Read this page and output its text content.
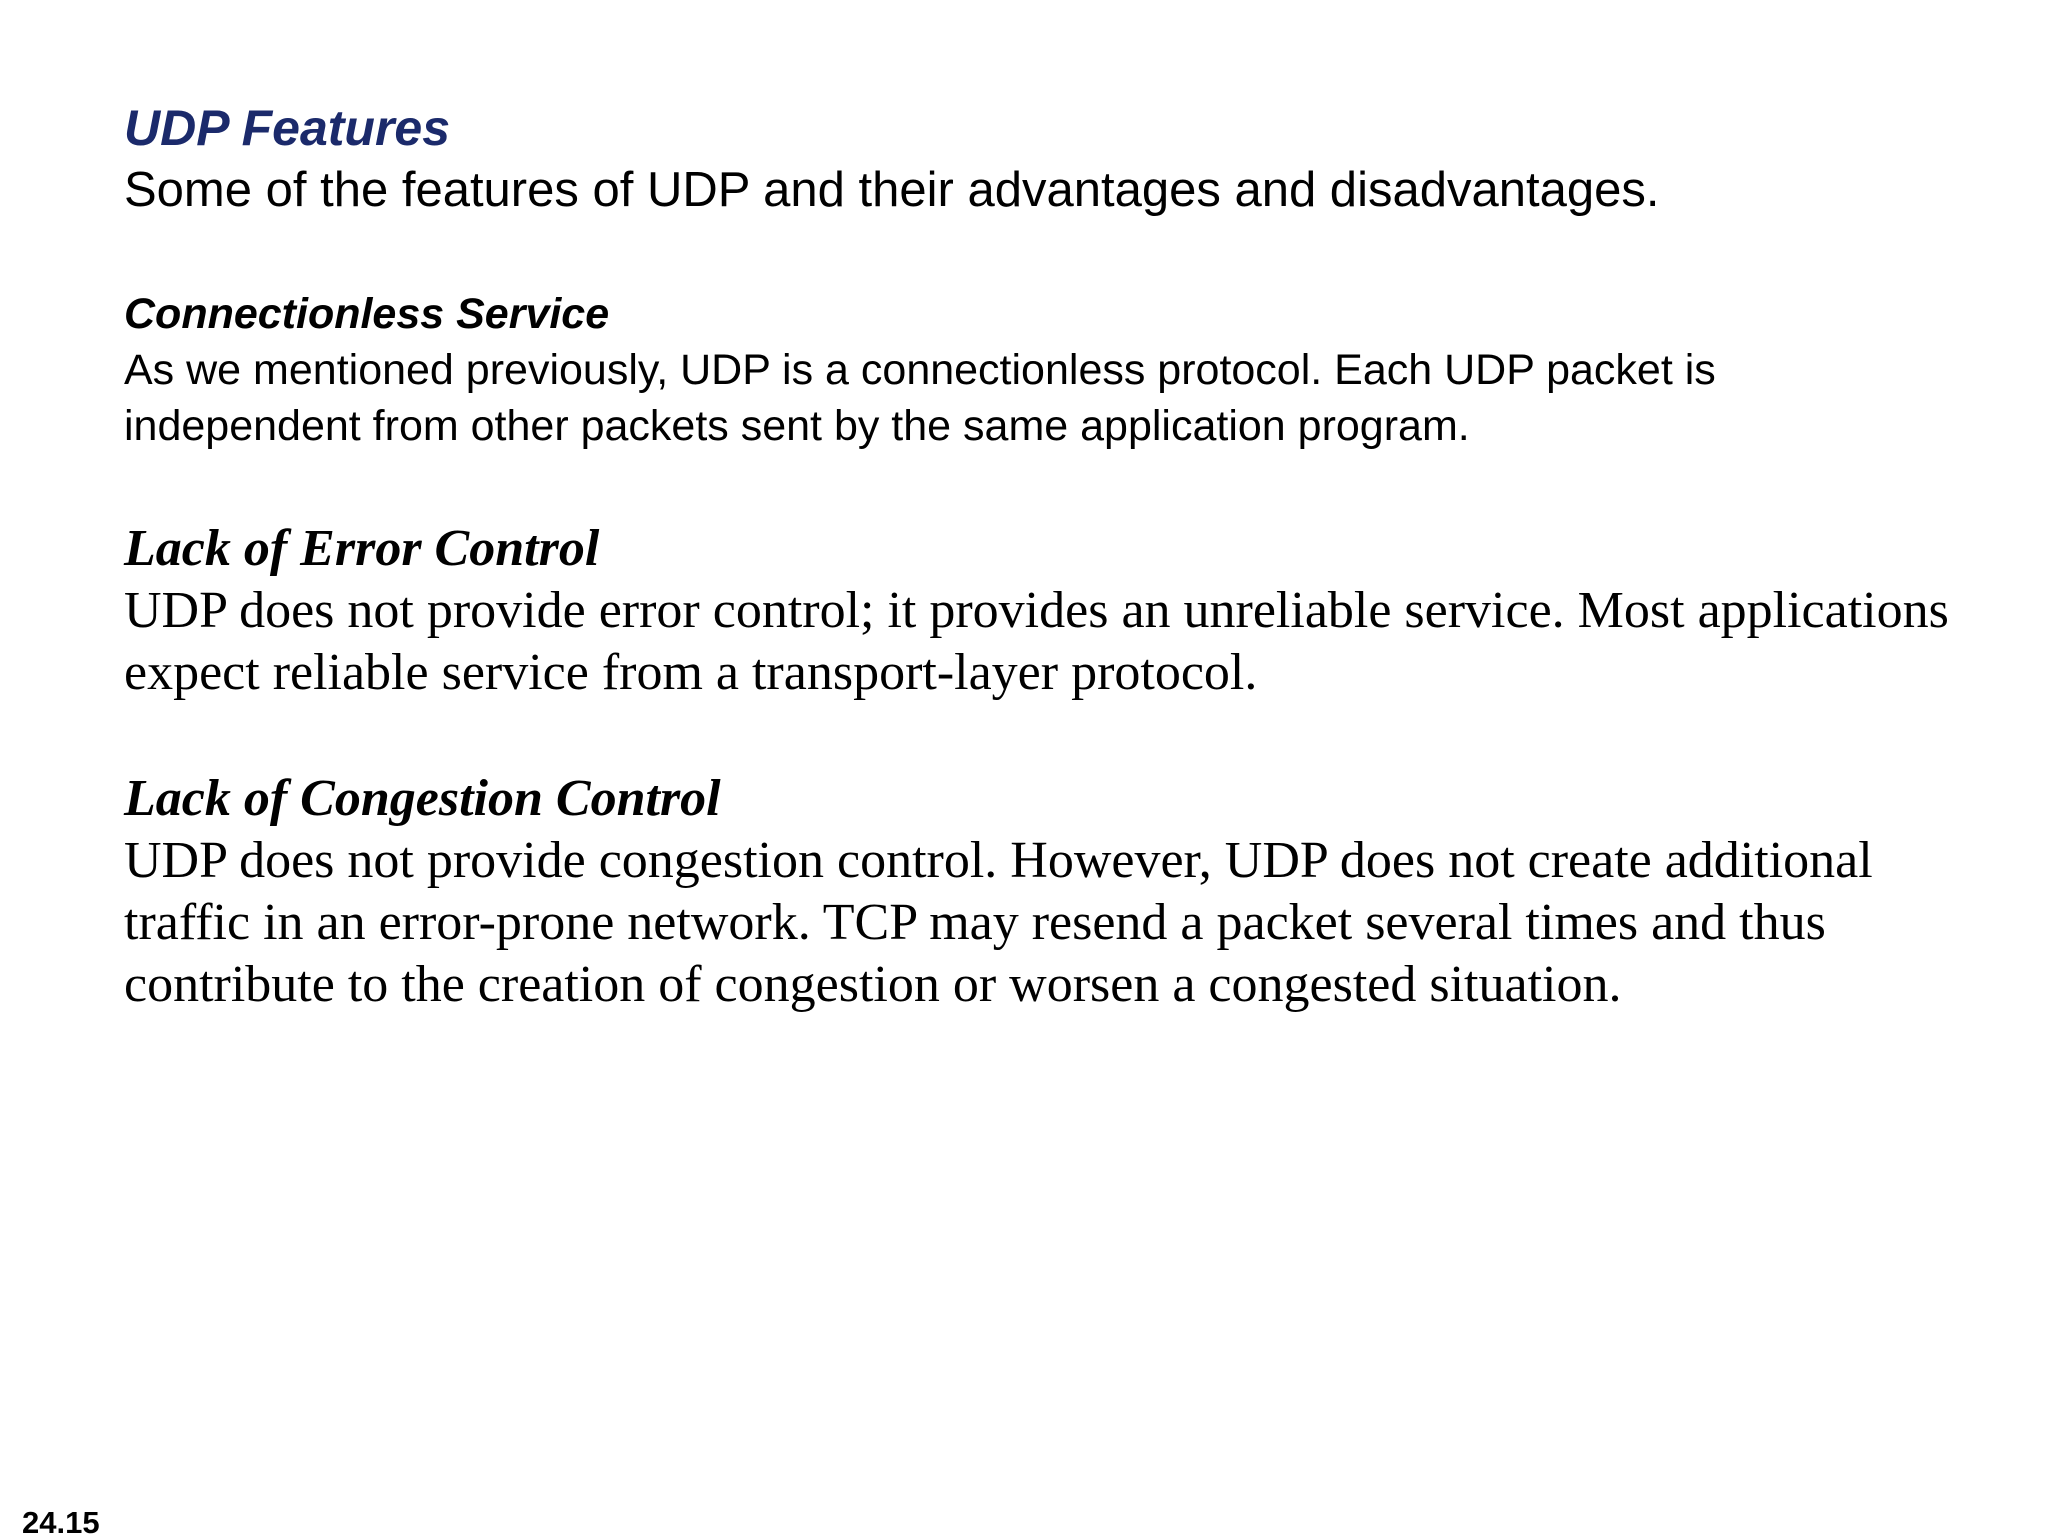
UDP Features

Some of the features of UDP and their advantages and disadvantages.

Connectionless Service

As we mentioned previously, UDP is a connectionless protocol. Each UDP packet is
independent from other packets sent by the same application program.

Lack of Error Control

UDP does not provide error control; it provides an unreliable service. Most applications
expect reliable service from a transport-layer protocol.

Lack of Congestion Control

UDP does not provide congestion control. However, UDP does not create additional
traffic in an error-prone network. TCP may resend a packet several times and thus
contribute to the creation of congestion or worsen a congested situation.

24.15
